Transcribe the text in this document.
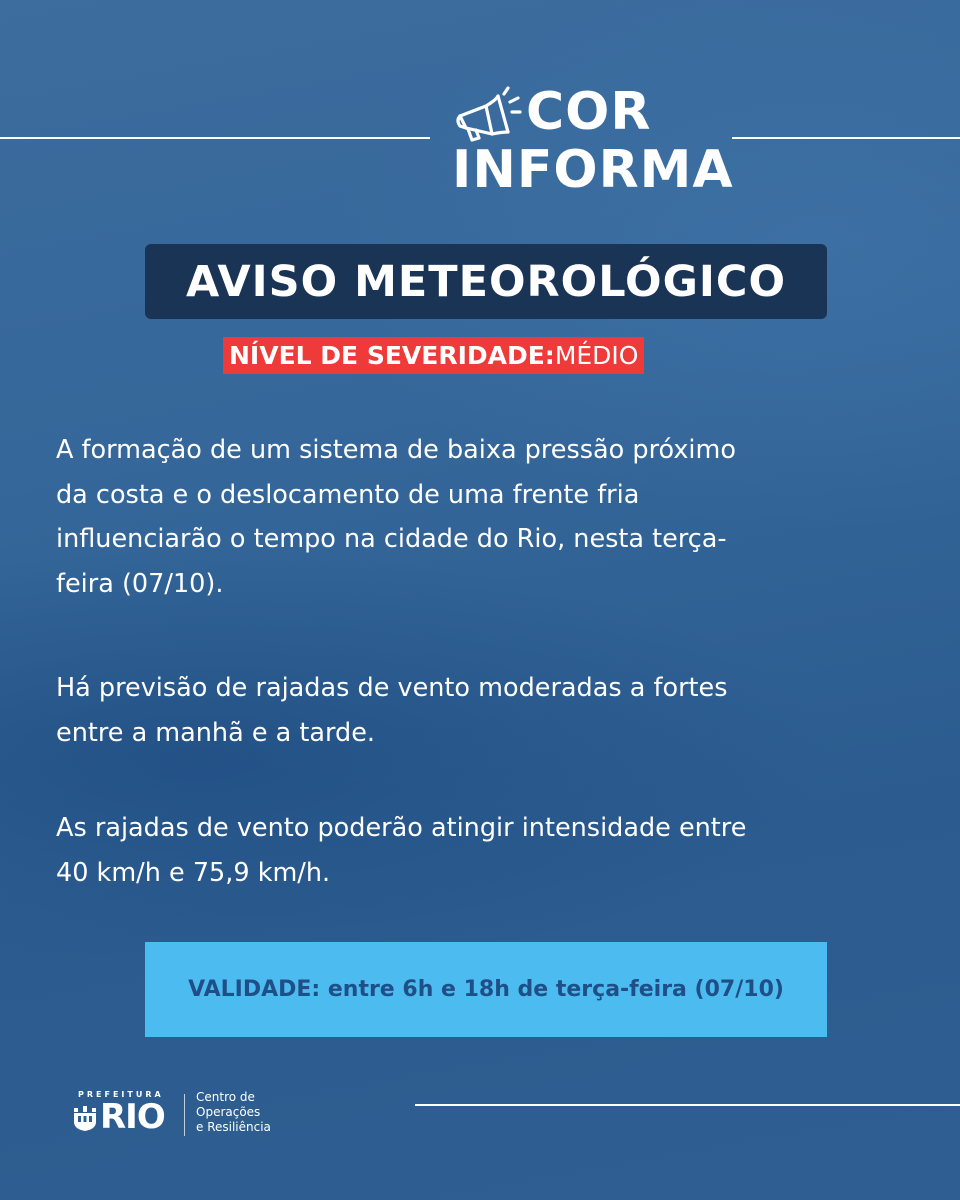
COR
INFORMA
AVISO METEOROLÓGICO
NÍVEL DE SEVERIDADE: MÉDIO
A formação de um sistema de baixa pressão próximo
da costa e o deslocamento de uma frente fria
influenciarão o tempo na cidade do Rio, nesta terça-
feira (07/10).
Há previsão de rajadas de vento moderadas a fortes
entre a manhã e a tarde.
As rajadas de vento poderão atingir intensidade entre
40 km/h e 75,9 km/h.
VALIDADE: entre 6h e 18h de terça-feira (07/10)
PREFEITURA
RIO	Centro de
Operações
e Resiliência
